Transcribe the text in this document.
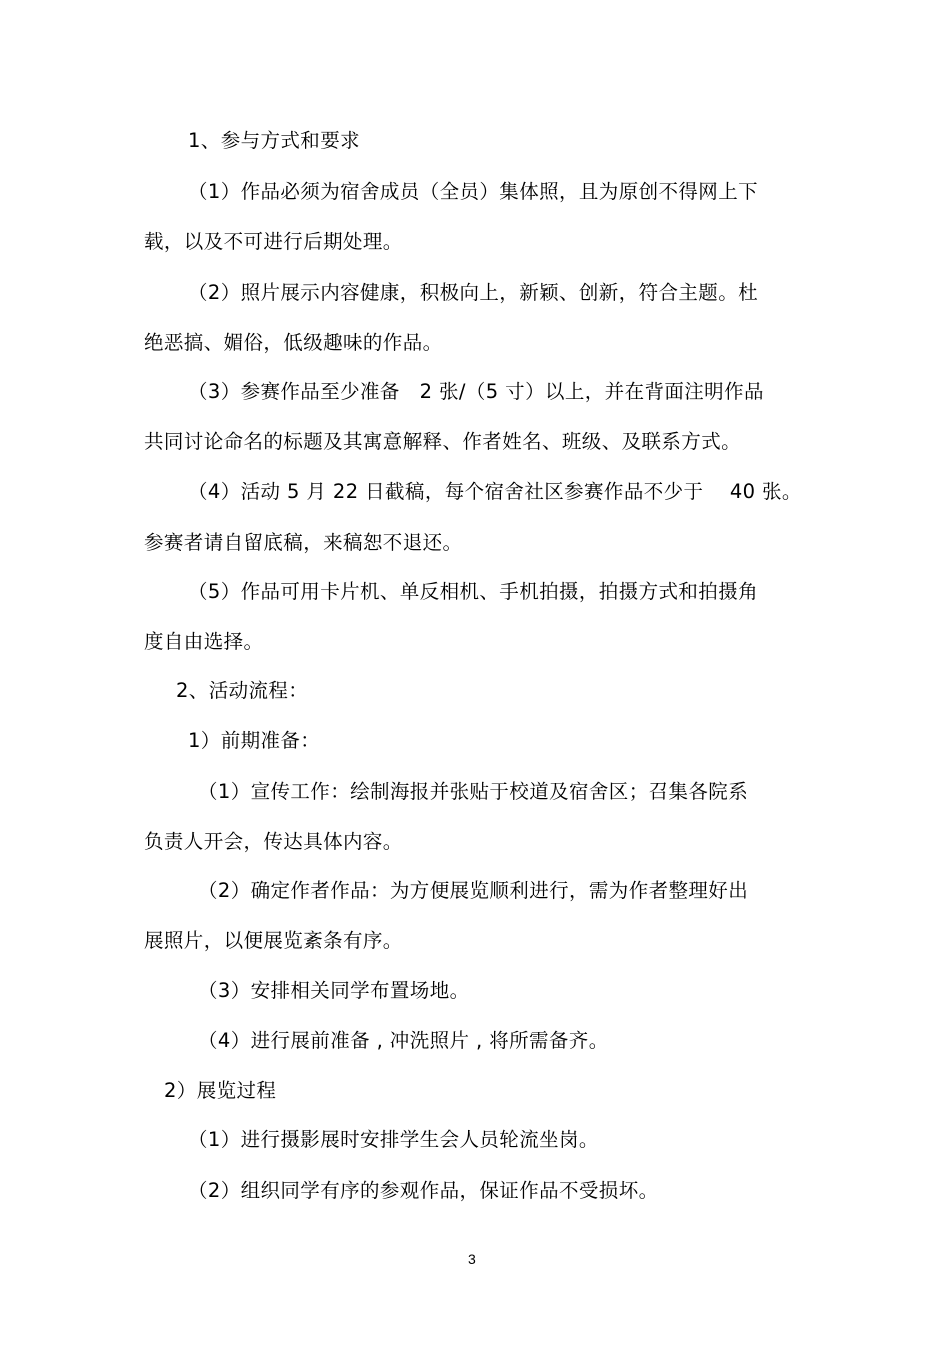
1、参与方式和要求
（1）作品必须为宿舍成员（全员）集体照，且为原创不得网上下
载，以及不可进行后期处理。
（2）照片展示内容健康，积极向上，新颖、创新，符合主题。杜
绝恶搞、媚俗，低级趣味的作品。
（3）参赛作品至少准备   2 张/（5 寸）以上，并在背面注明作品
共同讨论命名的标题及其寓意解释、作者姓名、班级、及联系方式。
（4）活动 5 月 22 日截稿，每个宿舍社区参赛作品不少于    40 张。
参赛者请自留底稿，来稿恕不退还。
（5）作品可用卡片机、单反相机、手机拍摄，拍摄方式和拍摄角
度自由选择。
2、活动流程：
1）前期准备：
（1）宣传工作：绘制海报并张贴于校道及宿舍区；召集各院系
负责人开会，传达具体内容。
（2）确定作者作品：为方便展览顺利进行，需为作者整理好出
展照片，以便展览紊条有序。
（3）安排相关同学布置场地。
（4）进行展前准备 , 冲洗照片 , 将所需备齐。
2）展览过程
（1）进行摄影展时安排学生会人员轮流坐岗。
（2）组织同学有序的参观作品，保证作品不受损坏。
3
